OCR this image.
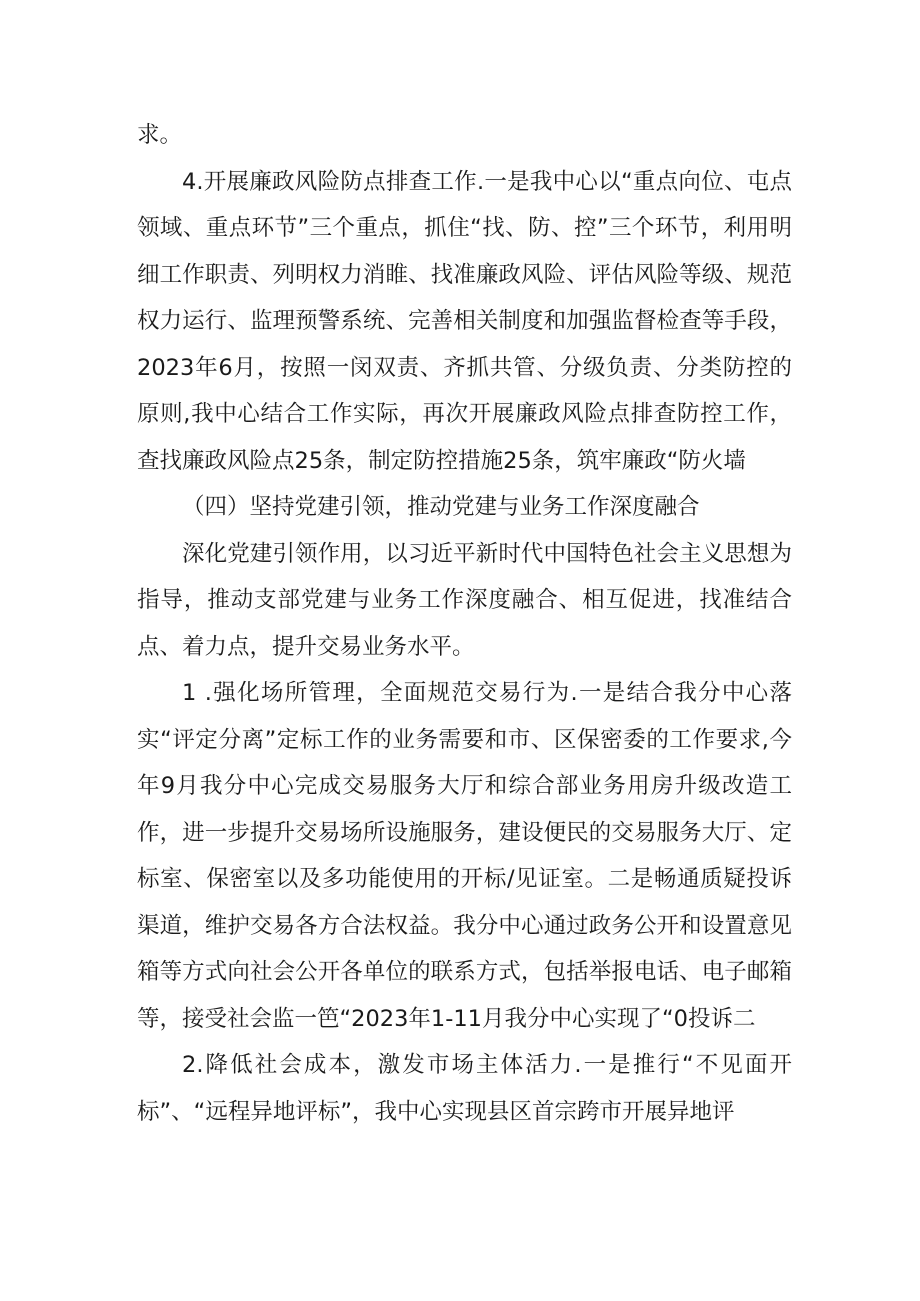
求。

4.开展廉政风险防点排查工作.一是我中心以“重点向位、屯点领域、重点环节”三个重点，抓住“找、防、控”三个环节，利用明细工作职责、列明权力消睢、找准廉政风险、评估风险等级、规范权力运行、监理预警系统、完善相关制度和加强监督检查等手段，2023年6月，按照一闵双责、齐抓共管、分级负责、分类防控的原则,我中心结合工作实际，再次开展廉政风险点排查防控工作，查找廉政风险点25条，制定防控措施25条，筑牢廉政“防火墙

（四）坚持党建引领，推动党建与业务工作深度融合

深化党建引领作用，以习近平新时代中国特色社会主义思想为指导，推动支部党建与业务工作深度融合、相互促进，找准结合点、着力点，提升交易业务水平。

1 .强化场所管理，全面规范交易行为.一是结合我分中心落实“评定分离”定标工作的业务需要和市、区保密委的工作要求,今年9月我分中心完成交易服务大厅和综合部业务用房升级改造工作，进一步提升交易场所设施服务，建设便民的交易服务大厅、定标室、保密室以及多功能使用的开标/见证室。二是畅通质疑投诉渠道，维护交易各方合法权益。我分中心通过政务公开和设置意见箱等方式向社会公开各单位的联系方式，包括举报电话、电子邮箱等，接受社会监一笆“2023年1-11月我分中心实现了“0投诉二

2.降低社会成本，激发市场主体活力.一是推行“不见面开标”、“远程异地评标”，我中心实现县区首宗跨市开展异地评
